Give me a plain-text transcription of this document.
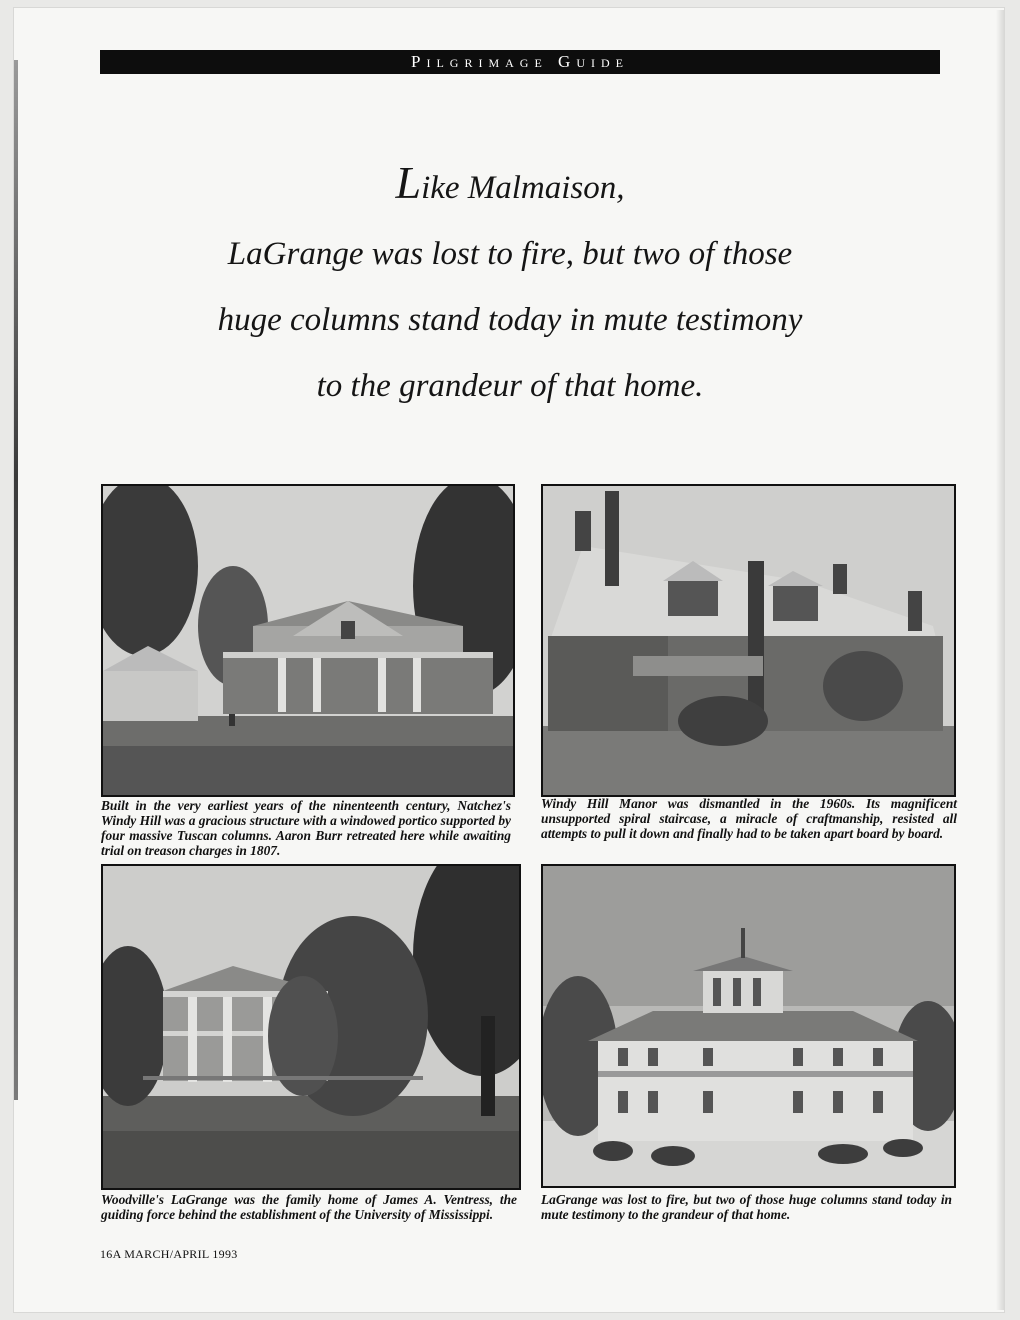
Pilgrimage Guide
Like Malmaison,
LaGrange was lost to fire, but two of those
huge columns stand today in mute testimony
to the grandeur of that home.
Built in the very earliest years of the ninenteenth century, Natchez's Windy Hill was a gracious structure with a windowed portico supported by four massive Tuscan columns. Aaron Burr retreated here while awaiting trial on treason charges in 1807.
Windy Hill Manor was dismantled in the 1960s. Its magnificent unsupported spiral staircase, a miracle of craftmanship, resisted all attempts to pull it down and finally had to be taken apart board by board.
Woodville's LaGrange was the family home of James A. Ventress, the guiding force behind the establishment of the University of Mississippi.
LaGrange was lost to fire, but two of those huge columns stand today in mute testimony to the grandeur of that home.
16A MARCH/APRIL 1993
